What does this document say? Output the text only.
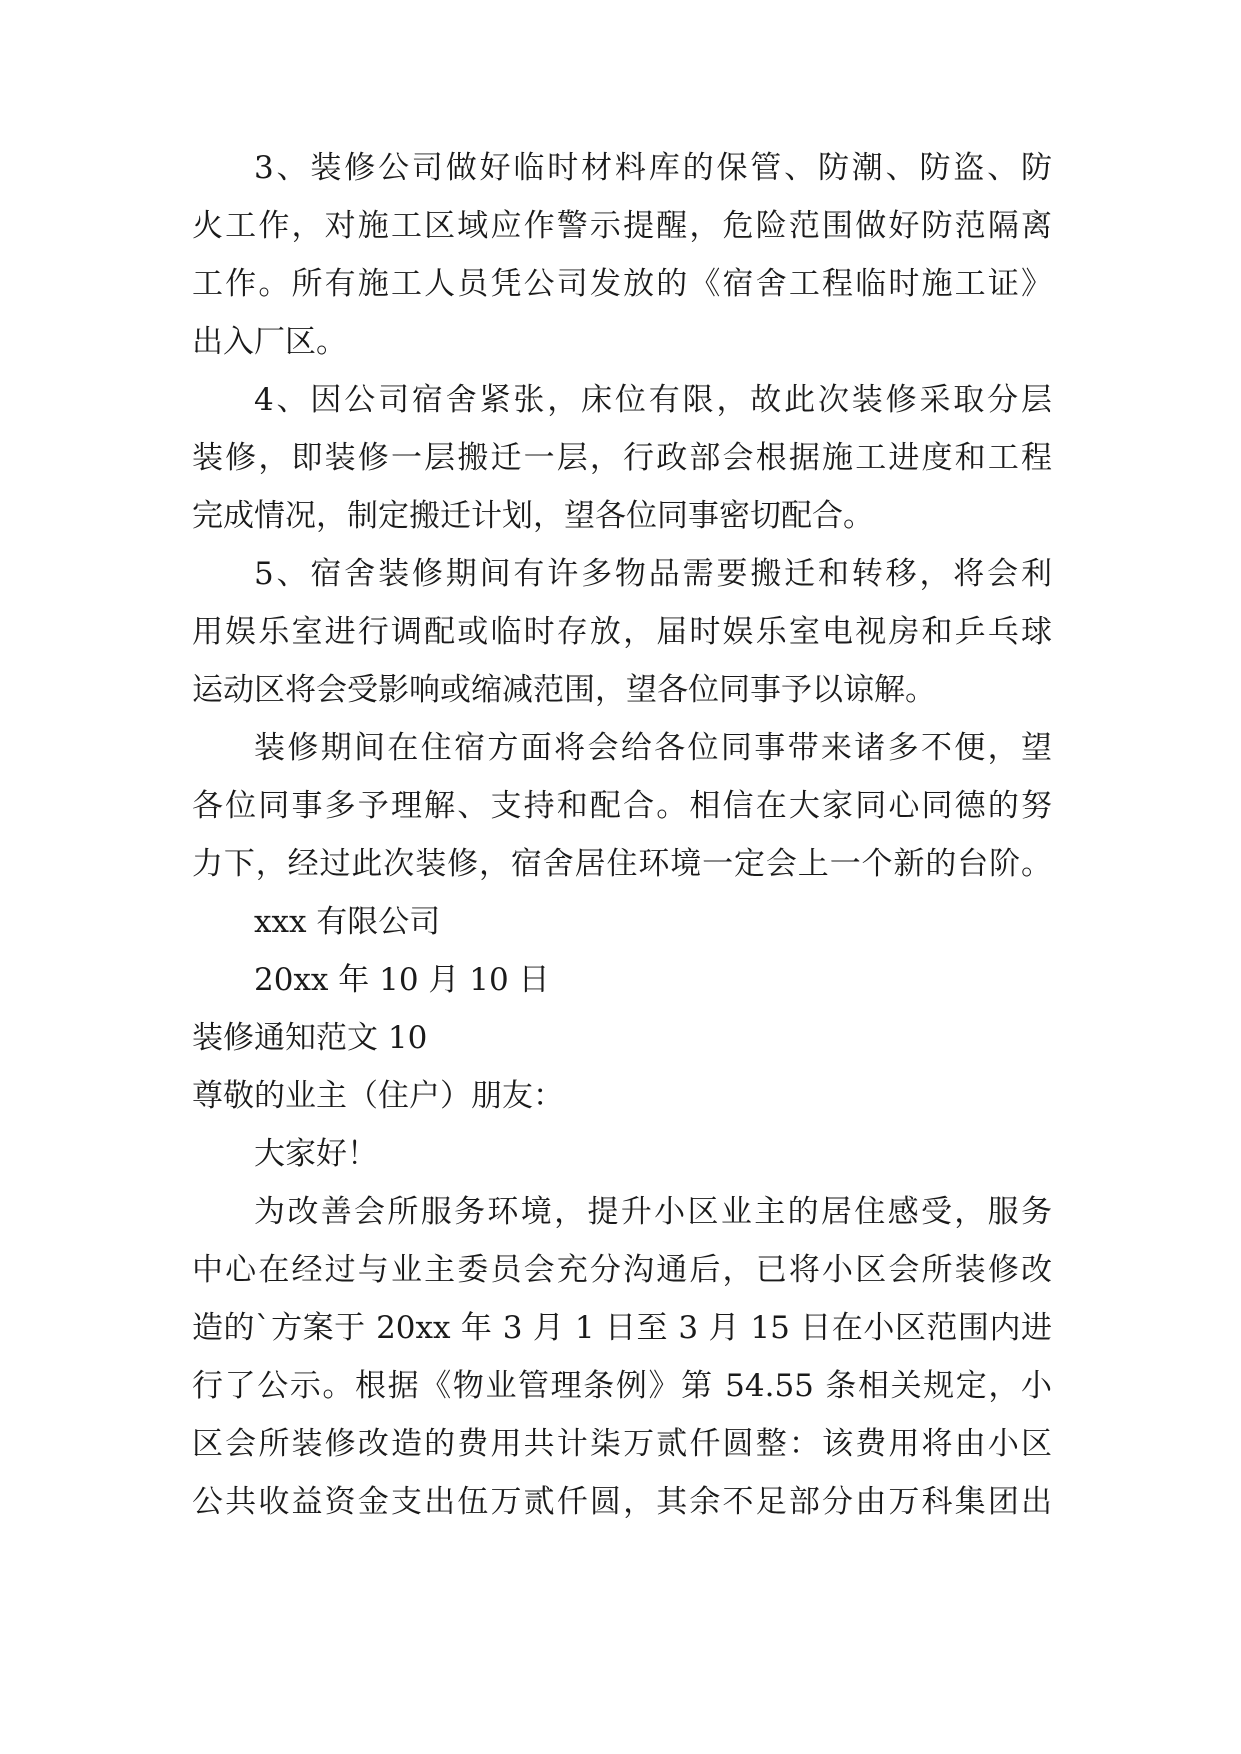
3、装修公司做好临时材料库的保管、防潮、防盗、防
火工作，对施工区域应作警示提醒，危险范围做好防范隔离
工作。所有施工人员凭公司发放的《宿舍工程临时施工证》
出入厂区。
4、因公司宿舍紧张，床位有限，故此次装修采取分层
装修，即装修一层搬迁一层，行政部会根据施工进度和工程
完成情况，制定搬迁计划，望各位同事密切配合。
5、宿舍装修期间有许多物品需要搬迁和转移，将会利
用娱乐室进行调配或临时存放，届时娱乐室电视房和乒乓球
运动区将会受影响或缩减范围，望各位同事予以谅解。
装修期间在住宿方面将会给各位同事带来诸多不便，望
各位同事多予理解、支持和配合。相信在大家同心同德的努
力下，经过此次装修，宿舍居住环境一定会上一个新的台阶。
xxx 有限公司
20xx 年 10 月 10 日
装修通知范文 10
尊敬的业主（住户）朋友：
大家好！
为改善会所服务环境，提升小区业主的居住感受，服务
中心在经过与业主委员会充分沟通后，已将小区会所装修改
造的`方案于 20xx 年 3 月 1 日至 3 月 15 日在小区范围内进
行了公示。根据《物业管理条例》第 54.55 条相关规定，小
区会所装修改造的费用共计柒万贰仟圆整：该费用将由小区
公共收益资金支出伍万贰仟圆，其余不足部分由万科集团出
